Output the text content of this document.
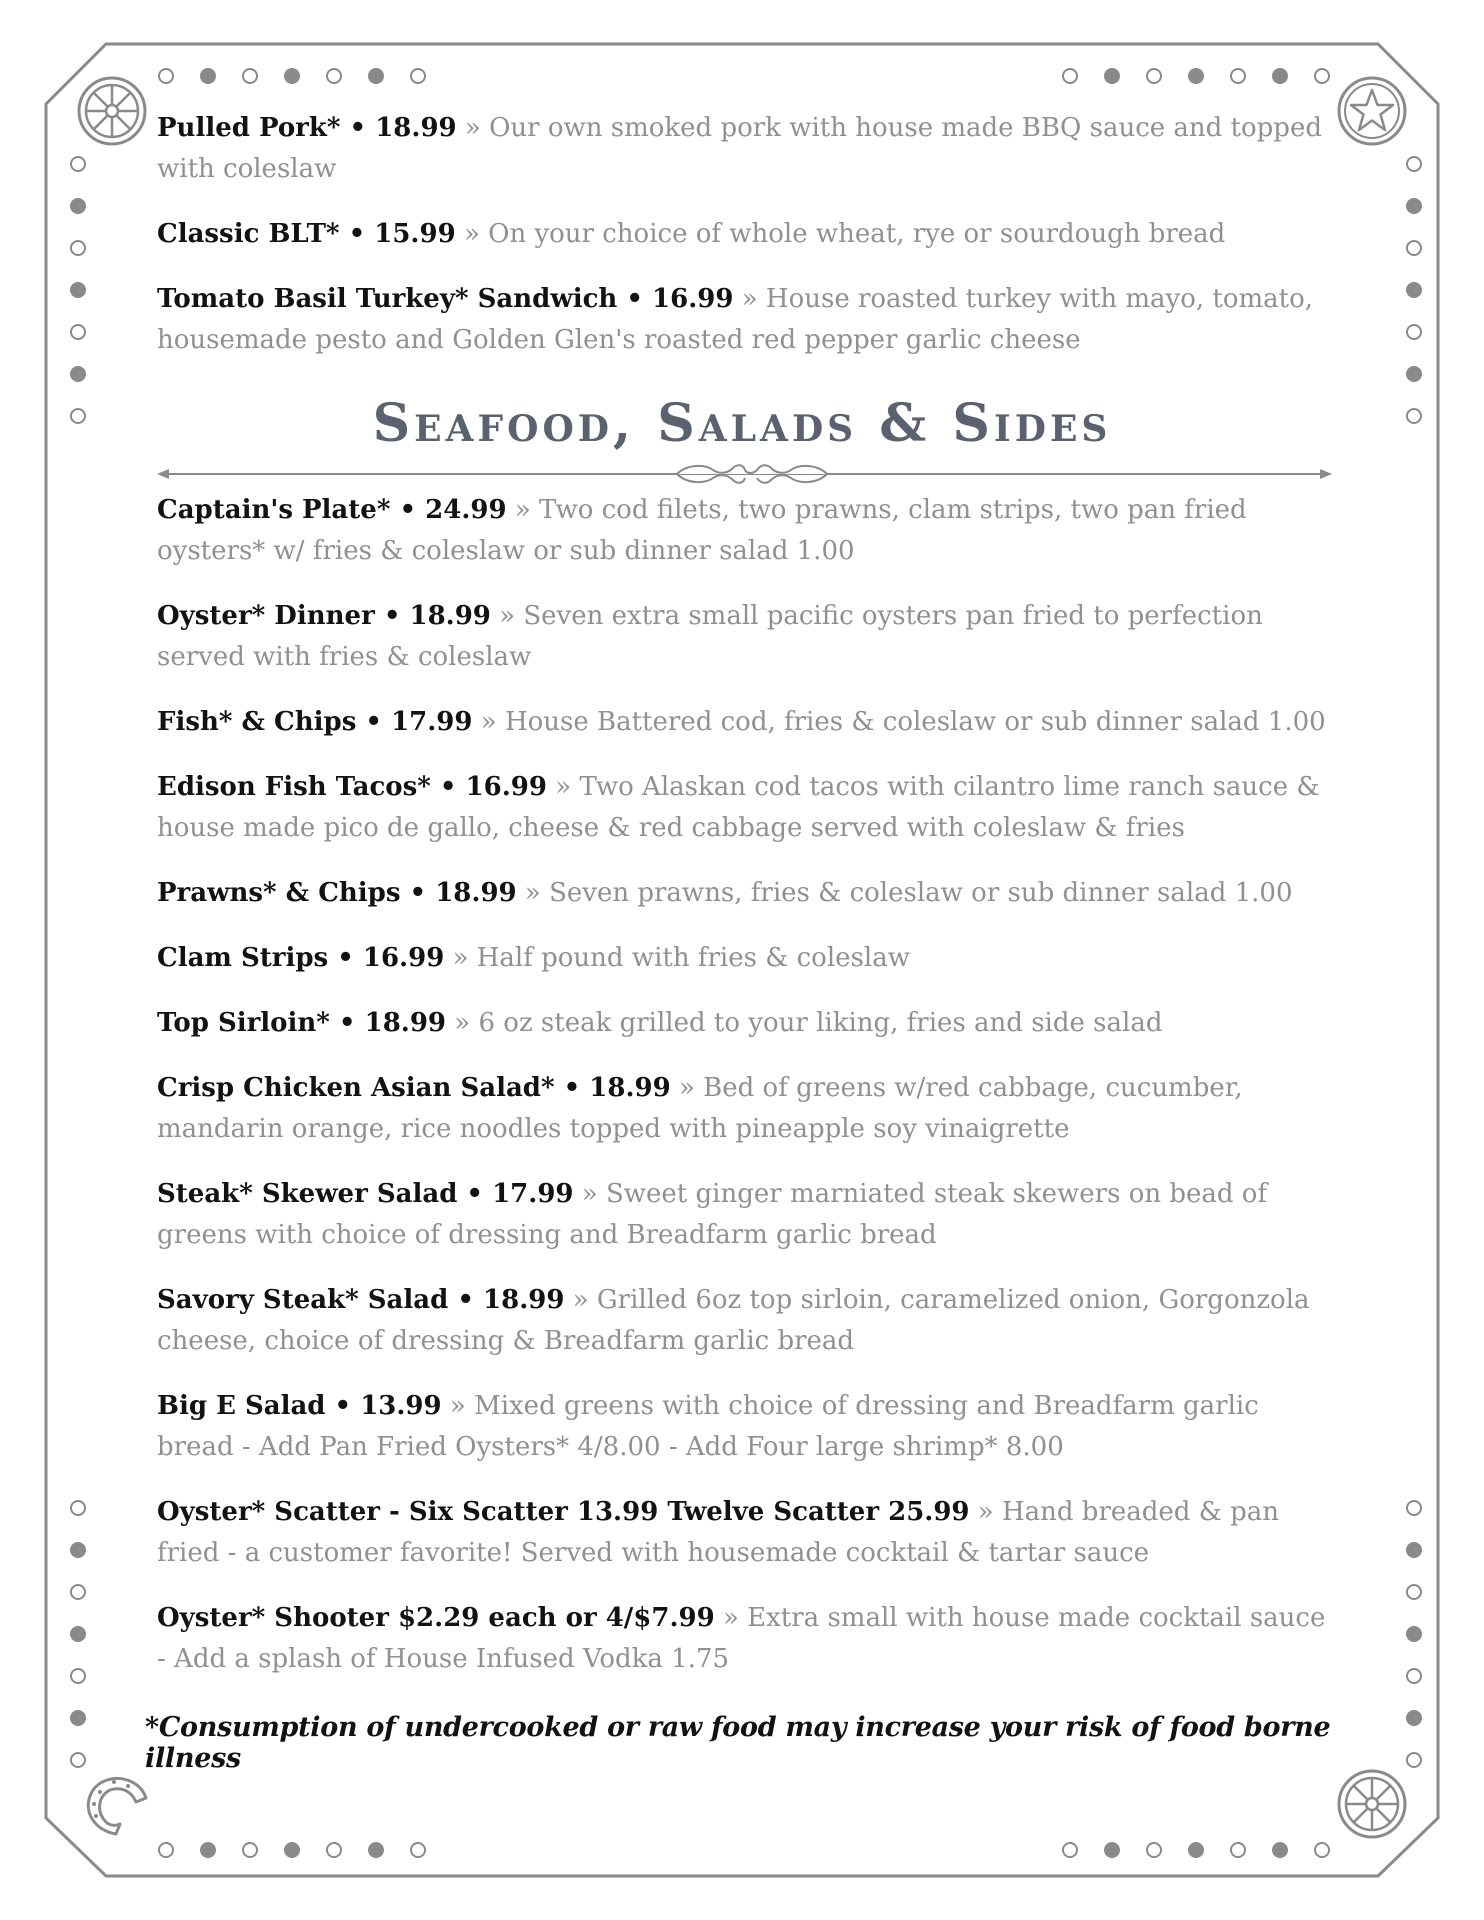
Pulled Pork* • 18.99 » Our own smoked pork with house made BBQ sauce and topped with coleslaw
Classic BLT* • 15.99 » On your choice of whole wheat, rye or sourdough bread
Tomato Basil Turkey* Sandwich • 16.99 » House roasted turkey with mayo, tomato, housemade pesto and Golden Glen's roasted red pepper garlic cheese
Seafood, Salads & Sides
Captain's Plate* • 24.99 » Two cod filets, two prawns, clam strips, two pan fried oysters* w/ fries & coleslaw or sub dinner salad 1.00
Oyster* Dinner • 18.99 » Seven extra small pacific oysters pan fried to perfection served with fries & coleslaw
Fish* & Chips • 17.99 » House Battered cod, fries & coleslaw or sub dinner salad 1.00
Edison Fish Tacos* • 16.99 » Two Alaskan cod tacos with cilantro lime ranch sauce & house made pico de gallo, cheese & red cabbage served with coleslaw & fries
Prawns* & Chips • 18.99 » Seven prawns, fries & coleslaw or sub dinner salad 1.00
Clam Strips • 16.99 » Half pound with fries & coleslaw
Top Sirloin* • 18.99 » 6 oz steak grilled to your liking, fries and side salad
Crisp Chicken Asian Salad* • 18.99 » Bed of greens w/red cabbage, cucumber, mandarin orange, rice noodles topped with pineapple soy vinaigrette
Steak* Skewer Salad • 17.99 » Sweet ginger marniated steak skewers on bead of greens with choice of dressing and Breadfarm garlic bread
Savory Steak* Salad • 18.99 » Grilled 6oz top sirloin, caramelized onion, Gorgonzola cheese, choice of dressing & Breadfarm garlic bread
Big E Salad • 13.99 » Mixed greens with choice of dressing and Breadfarm garlic bread - Add Pan Fried Oysters* 4/8.00 - Add Four large shrimp* 8.00
Oyster* Scatter - Six Scatter 13.99 Twelve Scatter 25.99 » Hand breaded & pan fried - a customer favorite! Served with housemade cocktail & tartar sauce
Oyster* Shooter $2.29 each or 4/$7.99 » Extra small with house made cocktail sauce - Add a splash of House Infused Vodka 1.75
*Consumption of undercooked or raw food may increase your risk of food borne illness
